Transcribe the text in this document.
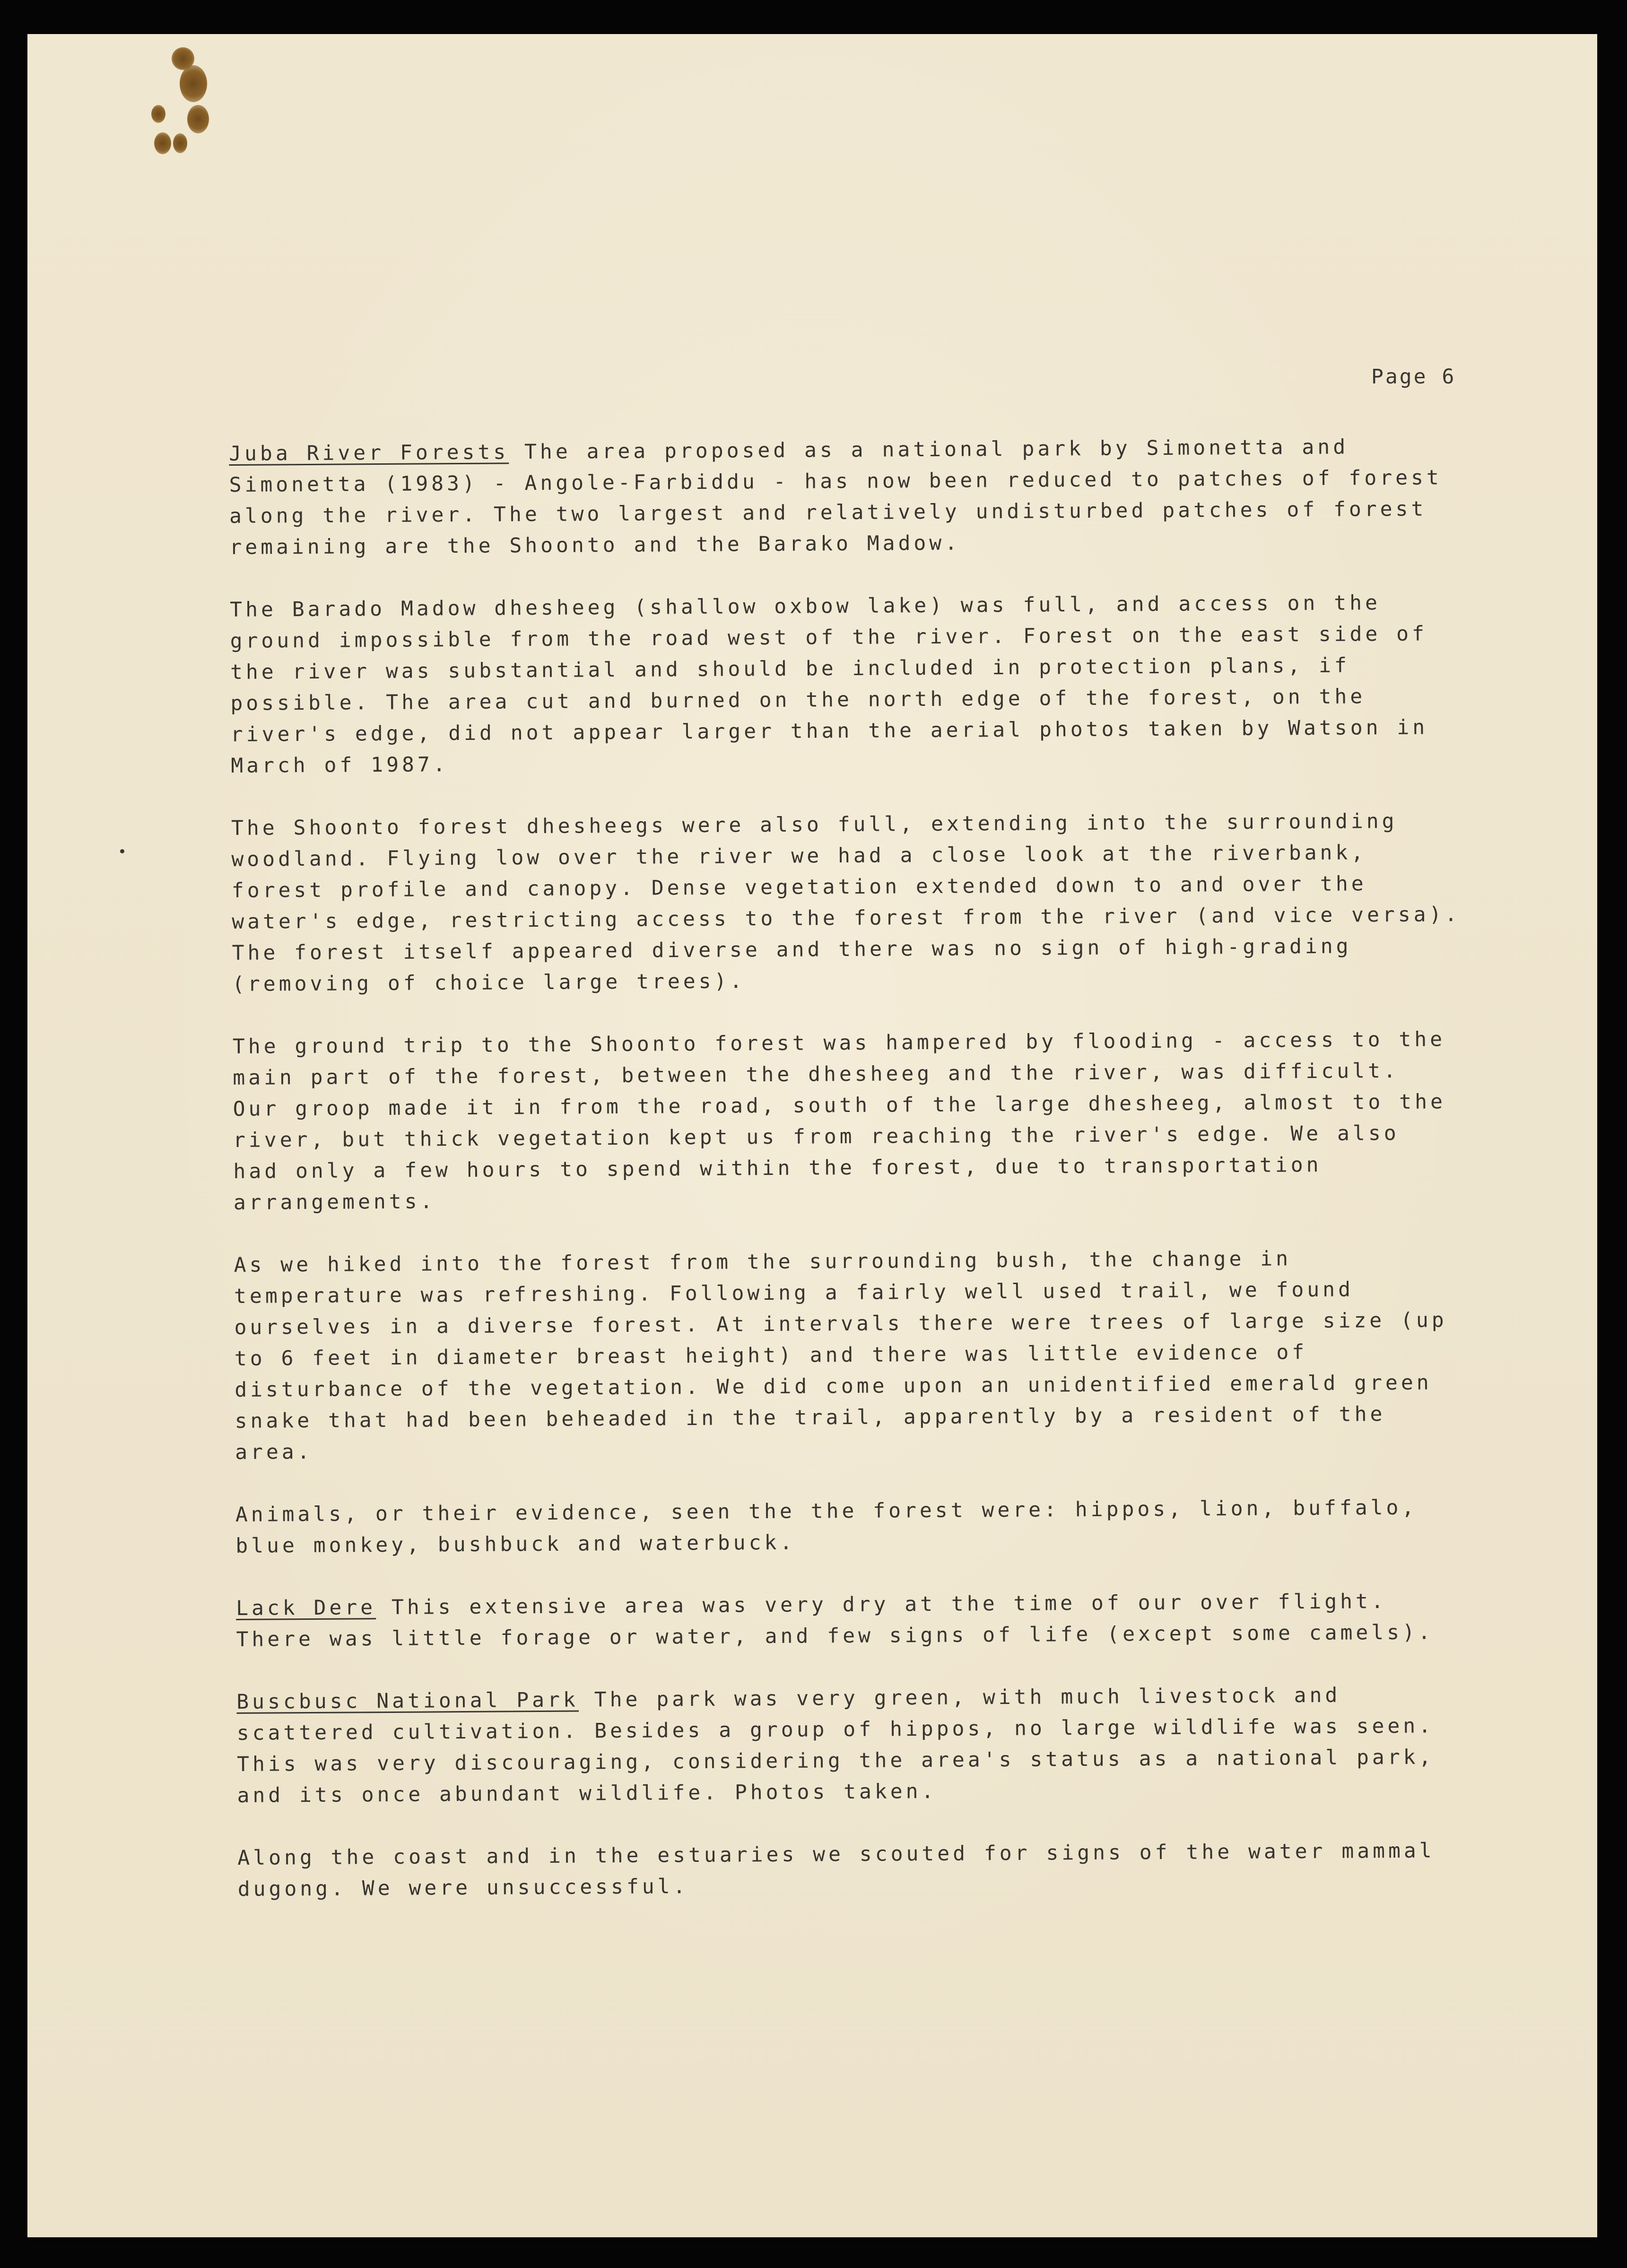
Page 6

Juba River Forests The area proposed as a national park by Simonetta and
Simonetta (1983) - Angole-Farbiddu - has now been reduced to patches of forest
along the river. The two largest and relatively undisturbed patches of forest
remaining are the Shoonto and the Barako Madow.

The Barado Madow dhesheeg (shallow oxbow lake) was full, and access on the
ground impossible from the road west of the river. Forest on the east side of
the river was substantial and should be included in protection plans, if
possible. The area cut and burned on the north edge of the forest, on the
river's edge, did not appear larger than the aerial photos taken by Watson in
March of 1987.

The Shoonto forest dhesheegs were also full, extending into the surrounding
woodland. Flying low over the river we had a close look at the riverbank,
forest profile and canopy. Dense vegetation extended down to and over the
water's edge, restricting access to the forest from the river (and vice versa).
The forest itself appeared diverse and there was no sign of high-grading
(removing of choice large trees).

The ground trip to the Shoonto forest was hampered by flooding - access to the
main part of the forest, between the dhesheeg and the river, was difficult.
Our groop made it in from the road, south of the large dhesheeg, almost to the
river, but thick vegetation kept us from reaching the river's edge. We also
had only a few hours to spend within the forest, due to transportation
arrangements.

As we hiked into the forest from the surrounding bush, the change in
temperature was refreshing. Following a fairly well used trail, we found
ourselves in a diverse forest. At intervals there were trees of large size (up
to 6 feet in diameter breast height) and there was little evidence of
disturbance of the vegetation. We did come upon an unidentified emerald green
snake that had been beheaded in the trail, apparently by a resident of the
area.

Animals, or their evidence, seen the the forest were: hippos, lion, buffalo,
blue monkey, bushbuck and waterbuck.

Lack Dere This extensive area was very dry at the time of our over flight.
There was little forage or water, and few signs of life (except some camels).

Buscbusc National Park The park was very green, with much livestock and
scattered cultivation. Besides a group of hippos, no large wildlife was seen.
This was very discouraging, considering the area's status as a national park,
and its once abundant wildlife. Photos taken.

Along the coast and in the estuaries we scouted for signs of the water mammal
dugong. We were unsuccessful.
